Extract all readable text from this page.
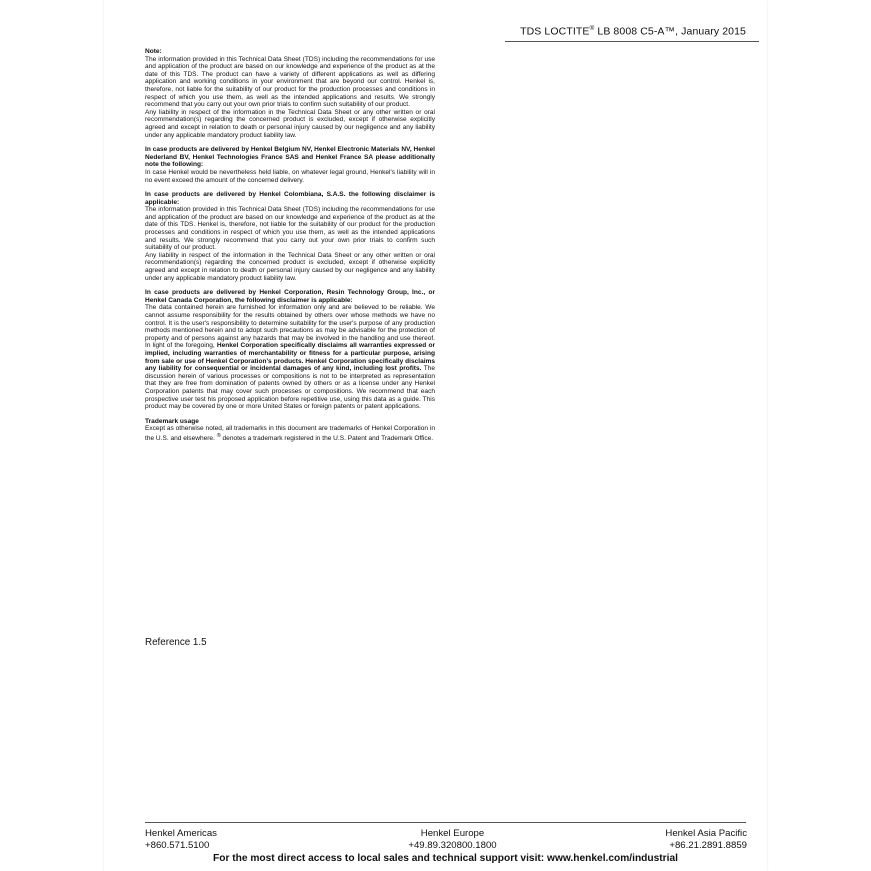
TDS LOCTITE® LB 8008 C5-A™, January 2015

Note:

The information provided in this Technical Data Sheet (TDS) including the recommendations for use and application of the product are based on our knowledge and experience of the product as at the date of this TDS. The product can have a variety of different applications as well as differing application and working conditions in your environment that are beyond our control. Henkel is, therefore, not liable for the suitability of our product for the production processes and conditions in respect of which you use them, as well as the intended applications and results. We strongly recommend that you carry out your own prior trials to confirm such suitability of our product.

Any liability in respect of the information in the Technical Data Sheet or any other written or oral recommendation(s) regarding the concerned product is excluded, except if otherwise explicitly agreed and except in relation to death or personal injury caused by our negligence and any liability under any applicable mandatory product liability law.

In case products are delivered by Henkel Belgium NV, Henkel Electronic Materials NV, Henkel Nederland BV, Henkel Technologies France SAS and Henkel France SA please additionally note the following:

In case Henkel would be nevertheless held liable, on whatever legal ground, Henkel's liability will in no event exceed the amount of the concerned delivery.

In case products are delivered by Henkel Colombiana, S.A.S. the following disclaimer is applicable:

The information provided in this Technical Data Sheet (TDS) including the recommendations for use and application of the product are based on our knowledge and experience of the product as at the date of this TDS. Henkel is, therefore, not liable for the suitability of our product for the production processes and conditions in respect of which you use them, as well as the intended applications and results. We strongly recommend that you carry out your own prior trials to confirm such suitability of our product.

Any liability in respect of the information in the Technical Data Sheet or any other written or oral recommendation(s) regarding the concerned product is excluded, except if otherwise explicitly agreed and except in relation to death or personal injury caused by our negligence and any liability under any applicable mandatory product liability law.

In case products are delivered by Henkel Corporation, Resin Technology Group, Inc., or Henkel Canada Corporation, the following disclaimer is applicable:

The data contained herein are furnished for information only and are believed to be reliable. We cannot assume responsibility for the results obtained by others over whose methods we have no control. It is the user's responsibility to determine suitability for the user's purpose of any production methods mentioned herein and to adopt such precautions as may be advisable for the protection of property and of persons against any hazards that may be involved in the handling and use thereof. In light of the foregoing, Henkel Corporation specifically disclaims all warranties expressed or implied, including warranties of merchantability or fitness for a particular purpose, arising from sale or use of Henkel Corporation's products. Henkel Corporation specifically disclaims any liability for consequential or incidental damages of any kind, including lost profits. The discussion herein of various processes or compositions is not to be interpreted as representation that they are free from domination of patents owned by others or as a license under any Henkel Corporation patents that may cover such processes or compositions. We recommend that each prospective user test his proposed application before repetitive use, using this data as a guide. This product may be covered by one or more United States or foreign patents or patent applications.

Trademark usage

Except as otherwise noted, all trademarks in this document are trademarks of Henkel Corporation in the U.S. and elsewhere. ® denotes a trademark registered in the U.S. Patent and Trademark Office.

Reference 1.5
Henkel Americas
+860.571.5100
Henkel Europe
+49.89.320800.1800
Henkel Asia Pacific
+86.21.2891.8859
For the most direct access to local sales and technical support visit: www.henkel.com/industrial
